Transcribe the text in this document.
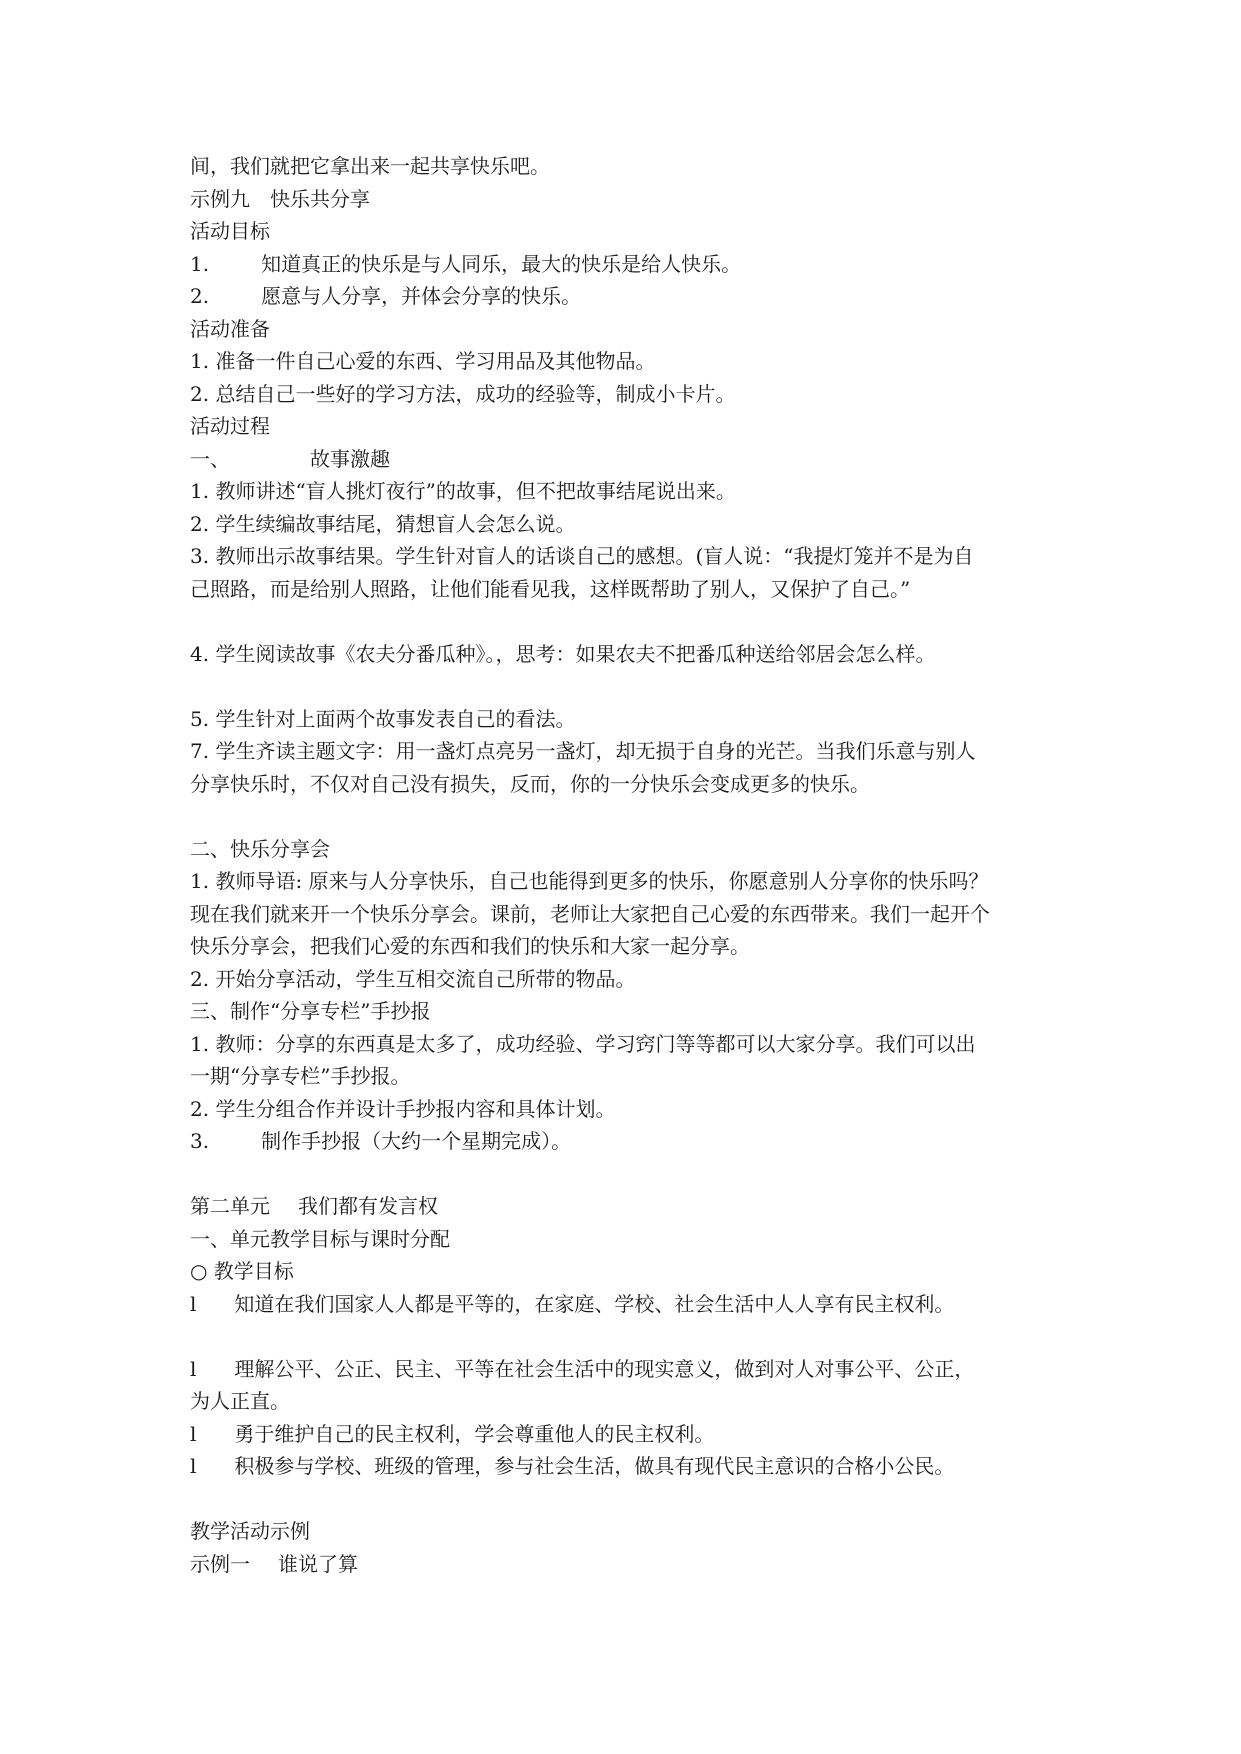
间，我们就把它拿出来一起共享快乐吧。
示例九　快乐共分享
活动目标
1.	知道真正的快乐是与人同乐，最大的快乐是给人快乐。
2.	愿意与人分享，并体会分享的快乐。
活动准备
1. 准备一件自己心爱的东西、学习用品及其他物品。
2. 总结自己一些好的学习方法，成功的经验等，制成小卡片。
活动过程
一、	故事激趣
1. 教师讲述“盲人挑灯夜行”的故事，但不把故事结尾说出来。
2. 学生续编故事结尾，猜想盲人会怎么说。
3. 教师出示故事结果。学生针对盲人的话谈自己的感想。(盲人说：“我提灯笼并不是为自
己照路，而是给别人照路，让他们能看见我，这样既帮助了别人，又保护了自己。”
4. 学生阅读故事《农夫分番瓜种》。，思考：如果农夫不把番瓜种送给邻居会怎么样。
5. 学生针对上面两个故事发表自己的看法。
7. 学生齐读主题文字：用一盏灯点亮另一盏灯，却无损于自身的光芒。当我们乐意与别人
分享快乐时，不仅对自己没有损失，反而，你的一分快乐会变成更多的快乐。
二、快乐分享会
1. 教师导语: 原来与人分享快乐，自己也能得到更多的快乐，你愿意别人分享你的快乐吗？
现在我们就来开一个快乐分享会。课前，老师让大家把自己心爱的东西带来。我们一起开个
快乐分享会，把我们心爱的东西和我们的快乐和大家一起分享。
2. 开始分享活动，学生互相交流自己所带的物品。
三、制作“分享专栏”手抄报
1. 教师：分享的东西真是太多了，成功经验、学习窍门等等都可以大家分享。我们可以出
一期“分享专栏”手抄报。
2. 学生分组合作并设计手抄报内容和具体计划。
3.	制作手抄报（大约一个星期完成）。
第二单元 我们都有发言权
一、单元教学目标与课时分配
○ 教学目标
l 知道在我们国家人人都是平等的，在家庭、学校、社会生活中人人享有民主权利。
l 理解公平、公正、民主、平等在社会生活中的现实意义，做到对人对事公平、公正，
为人正直。
l 勇于维护自己的民主权利，学会尊重他人的民主权利。
l 积极参与学校、班级的管理，参与社会生活，做具有现代民主意识的合格小公民。
教学活动示例
示例一 谁说了算
